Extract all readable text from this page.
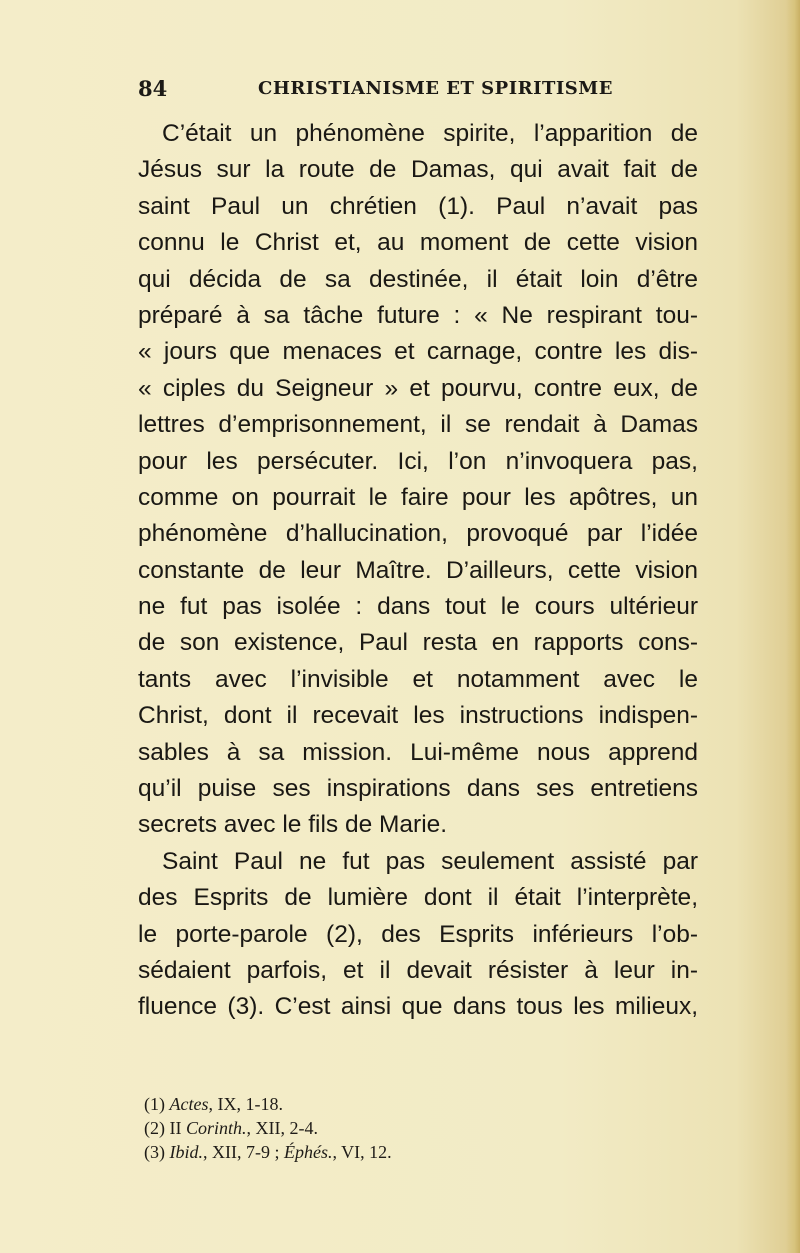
84	CHRISTIANISME ET SPIRITISME
C’était un phénomène spirite, l’apparition de
Jésus sur la route de Damas, qui avait fait de
saint Paul un chrétien (1). Paul n’avait pas
connu le Christ et, au moment de cette vision
qui décida de sa destinée, il était loin d’être
préparé à sa tâche future : « Ne respirant tou-
« jours que menaces et carnage, contre les dis-
« ciples du Seigneur » et pourvu, contre eux, de
lettres d’emprisonnement, il se rendait à Damas
pour les persécuter. Ici, l’on n’invoquera pas,
comme on pourrait le faire pour les apôtres, un
phénomène d’hallucination, provoqué par l’idée
constante de leur Maître. D’ailleurs, cette vision
ne fut pas isolée : dans tout le cours ultérieur
de son existence, Paul resta en rapports cons-
tants avec l’invisible et notamment avec le
Christ, dont il recevait les instructions indispen-
sables à sa mission. Lui-même nous apprend
qu’il puise ses inspirations dans ses entretiens
secrets avec le fils de Marie.
Saint Paul ne fut pas seulement assisté par
des Esprits de lumière dont il était l’interprète,
le porte-parole (2), des Esprits inférieurs l’ob-
sédaient parfois, et il devait résister à leur in-
fluence (3). C’est ainsi que dans tous les milieux,
(1) Actes, IX, 1-18.
(2) II Corinth., XII, 2-4.
(3) Ibid., XII, 7-9 ; Éphés., VI, 12.
